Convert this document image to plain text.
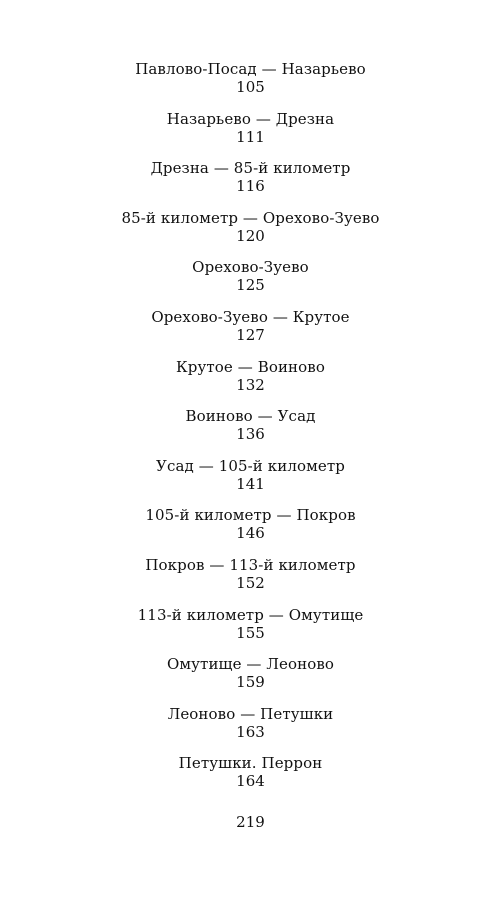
Павлово-Посад — Назарьево
105
Назарьево — Дрезна
111
Дрезна — 85-й километр
116
85-й километр — Орехово-Зуево
120
Орехово-Зуево
125
Орехово-Зуево — Крутое
127
Крутое — Воиново
132
Воиново — Усад
136
Усад — 105-й километр
141
105-й километр — Покров
146
Покров — 113-й километр
152
113-й километр — Омутище
155
Омутище — Леоново
159
Леоново — Петушки
163
Петушки. Перрон
164
219
